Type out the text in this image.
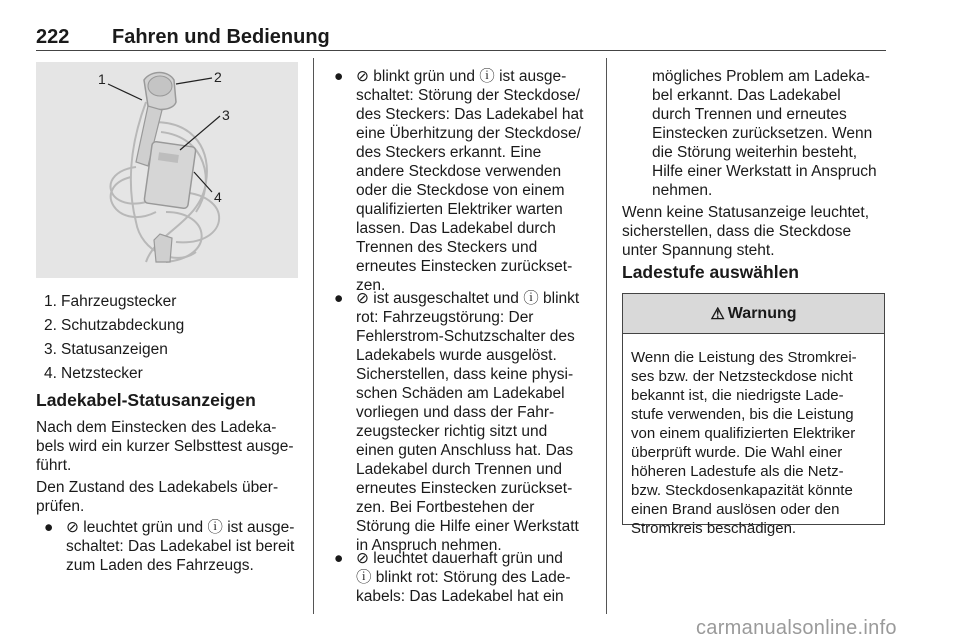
222 Fahren und Bedienung
1	2
3
4
1. Fahrzeugstecker
2. Schutzabdeckung
3. Statusanzeigen
4. Netzstecker
Ladekabel-Statusanzeigen
Nach dem Einstecken des Ladeka-
bels wird ein kurzer Selbsttest ausge-
führt.
Den Zustand des Ladekabels über-
prüfen.
● ⊘ leuchtet grün und ⓘ ist ausge-
schaltet: Das Ladekabel ist bereit
zum Laden des Fahrzeugs.
● ⊘ blinkt grün und ⓘ ist ausge-
schaltet: Störung der Steckdose/
des Steckers: Das Ladekabel hat
eine Überhitzung der Steckdose/
des Steckers erkannt. Eine
andere Steckdose verwenden
oder die Steckdose von einem
qualifizierten Elektriker warten
lassen. Das Ladekabel durch
Trennen des Steckers und
erneutes Einstecken zurückset-
zen.
● ⊘ ist ausgeschaltet und ⓘ blinkt
rot: Fahrzeugstörung: Der
Fehlerstrom-Schutzschalter des
Ladekabels wurde ausgelöst.
Sicherstellen, dass keine physi-
schen Schäden am Ladekabel
vorliegen und dass der Fahr-
zeugstecker richtig sitzt und
einen guten Anschluss hat. Das
Ladekabel durch Trennen und
erneutes Einstecken zurückset-
zen. Bei Fortbestehen der
Störung die Hilfe einer Werkstatt
in Anspruch nehmen.
● ⊘ leuchtet dauerhaft grün und
ⓘ blinkt rot: Störung des Lade-
kabels: Das Ladekabel hat ein
mögliches Problem am Ladeka-
bel erkannt. Das Ladekabel
durch Trennen und erneutes
Einstecken zurücksetzen. Wenn
die Störung weiterhin besteht,
Hilfe einer Werkstatt in Anspruch
nehmen.
Wenn keine Statusanzeige leuchtet,
sicherstellen, dass die Steckdose
unter Spannung steht.
Ladestufe auswählen
⚠ Warnung
Wenn die Leistung des Stromkrei-
ses bzw. der Netzsteckdose nicht
bekannt ist, die niedrigste Lade-
stufe verwenden, bis die Leistung
von einem qualifizierten Elektriker
überprüft wurde. Die Wahl einer
höheren Ladestufe als die Netz-
bzw. Steckdosenkapazität könnte
einen Brand auslösen oder den
Stromkreis beschädigen.
carmanualsonline.info
